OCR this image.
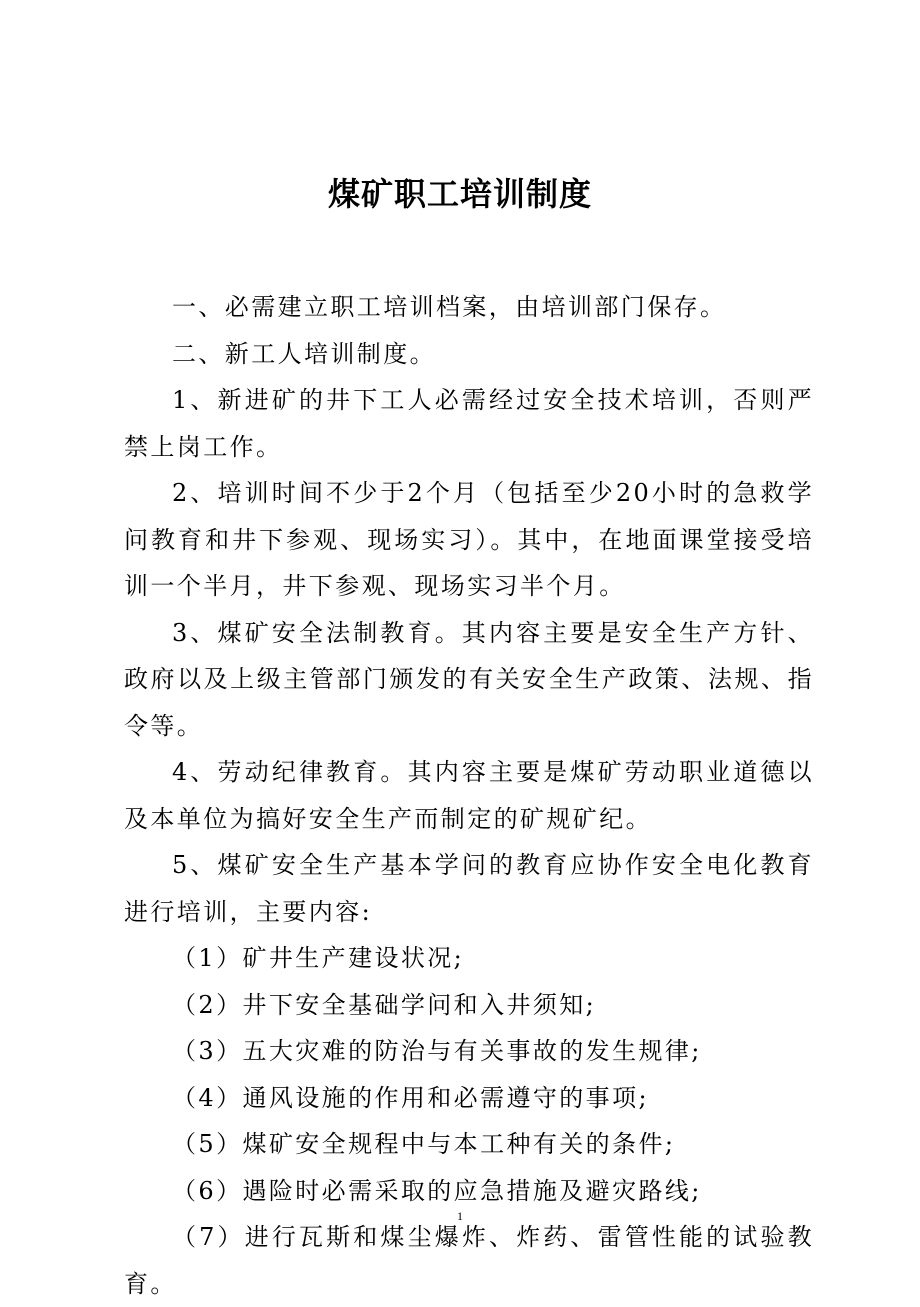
煤矿职工培训制度

一、必需建立职工培训档案，由培训部门保存。

二、新工人培训制度。

1、新进矿的井下工人必需经过安全技术培训，否则严禁上岗工作。

2、培训时间不少于2个月（包括至少20小时的急救学问教育和井下参观、现场实习）。其中，在地面课堂接受培训一个半月，井下参观、现场实习半个月。

3、煤矿安全法制教育。其内容主要是安全生产方针、政府以及上级主管部门颁发的有关安全生产政策、法规、指令等。

4、劳动纪律教育。其内容主要是煤矿劳动职业道德以及本单位为搞好安全生产而制定的矿规矿纪。

5、煤矿安全生产基本学问的教育应协作安全电化教育进行培训，主要内容:

（1）矿井生产建设状况;

（2）井下安全基础学问和入井须知;

（3）五大灾难的防治与有关事故的发生规律;

（4）通风设施的作用和必需遵守的事项;

（5）煤矿安全规程中与本工种有关的条件;

（6）遇险时必需采取的应急措施及避灾路线;

（7）进行瓦斯和煤尘爆炸、炸药、雷管性能的试验教育。

1
